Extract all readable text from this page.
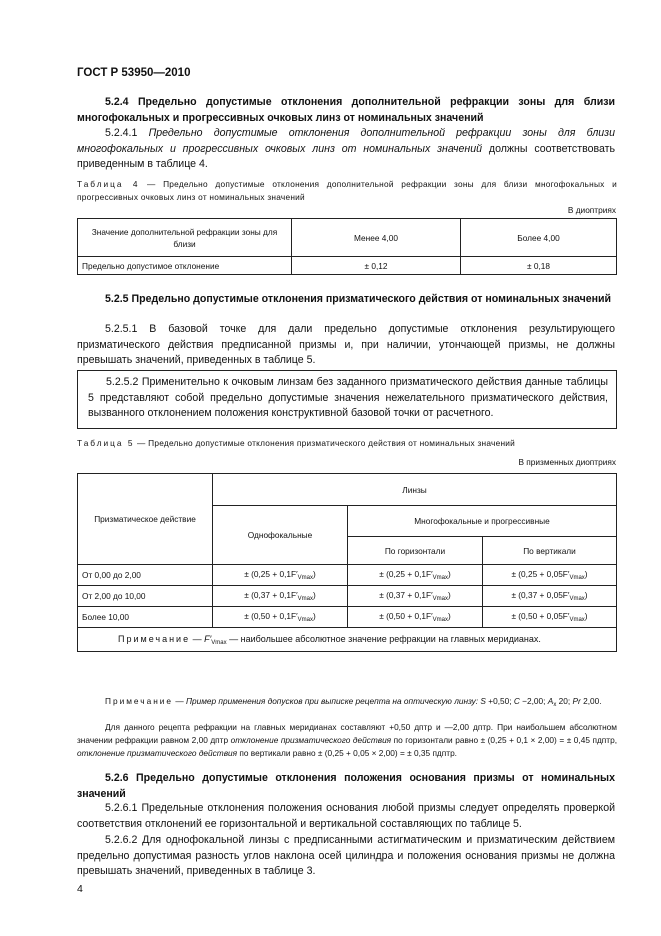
ГОСТ Р 53950—2010
5.2.4 Предельно допустимые отклонения дополнительной рефракции зоны для близи многофокальных и прогрессивных очковых линз от номинальных значений
5.2.4.1 Предельно допустимые отклонения дополнительной рефракции зоны для близи многофокальных и прогрессивных очковых линз от номинальных значений должны соответствовать приведенным в таблице 4.
Таблица 4 — Предельно допустимые отклонения дополнительной рефракции зоны для близи многофокальных и прогрессивных очковых линз от номинальных значений
В диоптриях
Значение дополнительной рефракции зоны для близи	Менее 4,00	Более 4,00
Предельно допустимое отклонение	± 0,12	± 0,18
5.2.5 Предельно допустимые отклонения призматического действия от номинальных значений
5.2.5.1 В базовой точке для дали предельно допустимые отклонения результирующего призматического действия предписанной призмы и, при наличии, утончающей призмы, не должны превышать значений, приведенных в таблице 5.
5.2.5.2 Применительно к очковым линзам без заданного призматического действия данные таблицы 5 представляют собой предельно допустимые значения нежелательного призматического действия, вызванного отклонением положения конструктивной базовой точки от расчетного.
Таблица 5 — Предельно допустимые отклонения призматического действия от номинальных значений
В призменных диоптриях
Призматическое действие	Линзы		
	Однофокальные	Многофокальные и прогрессивные	
		По горизонтали	По вертикали
От 0,00 до 2,00	± $(0,25 + 0,1F'_{Vmax})$	± $(0,25 + 0,1F'_{Vmax})$	± $(0,25 + 0,05F'_{Vmax})$
От 2,00 до 10,00	± $(0,37 + 0,1F'_{Vmax})$	± $(0,37 + 0,1F'_{Vmax})$	± $(0,37 + 0,05F'_{Vmax})$
Более 10,00	± $(0,50 + 0,1F'_{Vmax})$	± $(0,50 + 0,1F'_{Vmax})$	± $(0,50 + 0,05F'_{Vmax})$
Примечание — $F'_{Vmax}$ — наибольшее абсолютное значение рефракции на главных меридианах.			
Примечание — Пример применения допусков при выписке рецепта на оптическую линзу: S +0,50; C −2,00; $A_x$ 20; Pr 2,00.
Для данного рецепта рефракции на главных меридианах составляют +0,50 дптр и —2,00 дптр. При наибольшем абсолютном значении рефракции равном 2,00 дптр отклонение призматического действия по горизонтали равно ± (0,25 + 0,1 × 2,00) = ± 0,45 пдптр, отклонение призматического действия по вертикали равно ± (0,25 + 0,05 × 2,00) = ± 0,35 пдптр.
5.2.6 Предельно допустимые отклонения положения основания призмы от номинальных значений
5.2.6.1 Предельные отклонения положения основания любой призмы следует определять проверкой соответствия отклонений ее горизонтальной и вертикальной составляющих по таблице 5.
5.2.6.2 Для однофокальной линзы с предписанными астигматическим и призматическим действием предельно допустимая разность углов наклона осей цилиндра и положения основания призмы не должна превышать значений, приведенных в таблице 3.
4
